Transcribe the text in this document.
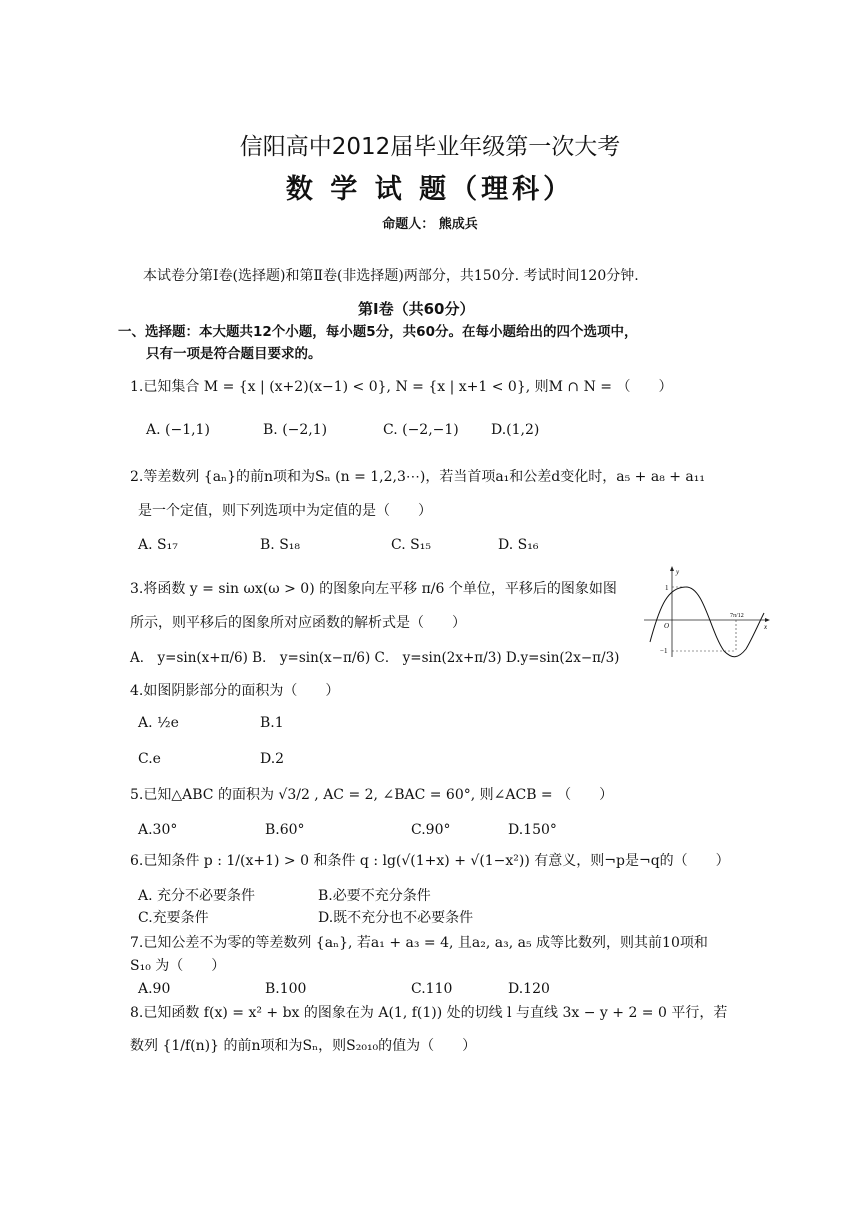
信阳高中2012届毕业年级第一次大考
数 学 试 题（理科）
命题人： 熊成兵
本试卷分第Ⅰ卷(选择题)和第Ⅱ卷(非选择题)两部分，共150分. 考试时间120分钟.
第Ⅰ卷（共60分）
一、选择题：本大题共12个小题，每小题5分，共60分。在每小题给出的四个选项中，
只有一项是符合题目要求的。
1.已知集合 M = {x | (x+2)(x−1) < 0}, N = {x | x+1 < 0}, 则M ∩ N = （　　）
A. (−1,1)	B. (−2,1)	C. (−2,−1) D.(1,2)
2.等差数列 {aₙ}的前n项和为Sₙ (n = 1,2,3⋯)，若当首项a₁和公差d变化时，a₅ + a₈ + a₁₁
是一个定值，则下列选项中为定值的是（　　）
A. S₁₇	B. S₁₈	C. S₁₅	D. S₁₆
3.将函数 y = sin ωx(ω > 0) 的图象向左平移 π/6 个单位，平移后的图象如图
所示，则平移后的图象所对应函数的解析式是（　　）
A． y=sin(x+π/6) B． y=sin(x−π/6) C． y=sin(2x+π/3) D.y=sin(2x−π/3)
y
x
O
1
−1
7π/12
4.如图阴影部分的面积为（　　）
A. ½e	B.1
C.e	D.2
5.已知△ABC 的面积为 √3/2 , AC = 2, ∠BAC = 60°, 则∠ACB = （　　）
A.30°	B.60°	C.90°	D.150°
6.已知条件 p : 1/(x+1) > 0 和条件 q : lg(√(1+x) + √(1−x²)) 有意义，则¬p是¬q的（　　）
A. 充分不必要条件	B.必要不充分条件
C.充要条件	D.既不充分也不必要条件
7.已知公差不为零的等差数列 {aₙ}, 若a₁ + a₃ = 4, 且a₂, a₃, a₅ 成等比数列，则其前10项和
S₁₀ 为（　　）
A.90	B.100	C.110	D.120
8.已知函数 f(x) = x² + bx 的图象在为 A(1, f(1)) 处的切线 l 与直线 3x − y + 2 = 0 平行，若
数列 {1/f(n)} 的前n项和为Sₙ，则S₂₀₁₀的值为（　　）
